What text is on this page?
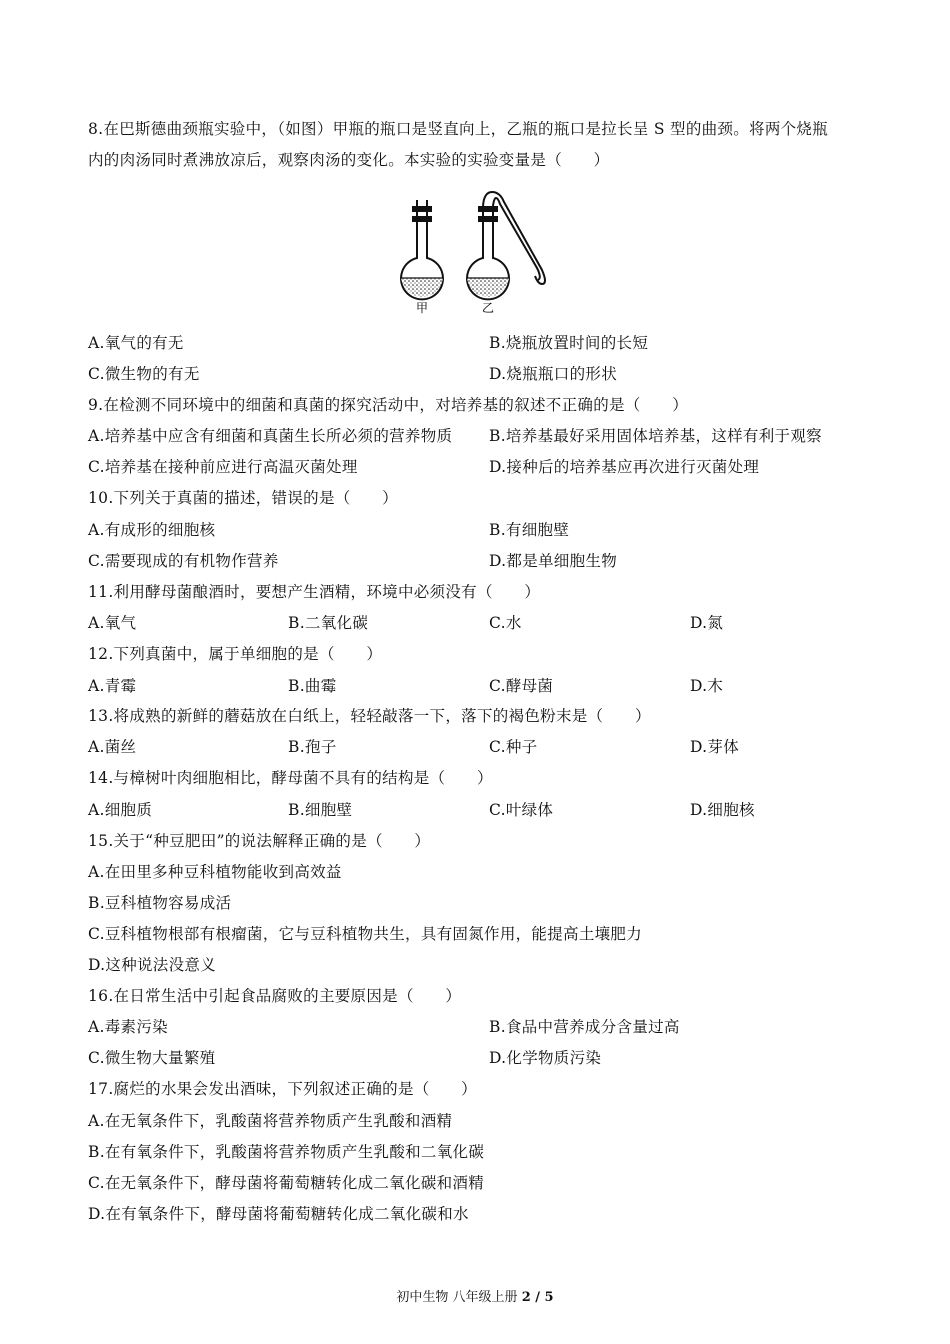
8.在巴斯德曲颈瓶实验中，（如图）甲瓶的瓶口是竖直向上，乙瓶的瓶口是拉长呈 S 型的曲颈。将两个烧瓶
内的肉汤同时煮沸放凉后，观察肉汤的变化。本实验的实验变量是（　　）
甲	乙
A.氧气的有无	B.烧瓶放置时间的长短
C.微生物的有无	D.烧瓶瓶口的形状
9.在检测不同环境中的细菌和真菌的探究活动中，对培养基的叙述不正确的是（　　）
A.培养基中应含有细菌和真菌生长所必须的营养物质 B.培养基最好采用固体培养基，这样有利于观察
C.培养基在接种前应进行高温灭菌处理	D.接种后的培养基应再次进行灭菌处理
10.下列关于真菌的描述，错误的是（　　）
A.有成形的细胞核	B.有细胞壁
C.需要现成的有机物作营养	D.都是单细胞生物
11.利用酵母菌酿酒时，要想产生酒精，环境中必须没有（　　）
A.氧气	B.二氧化碳	C.水	D.氮
12.下列真菌中，属于单细胞的是（　　）
A.青霉	B.曲霉	C.酵母菌	D.木
13.将成熟的新鲜的蘑菇放在白纸上，轻轻敲落一下，落下的褐色粉末是（　　）
A.菌丝	B.孢子	C.种子	D.芽体
14.与樟树叶肉细胞相比，酵母菌不具有的结构是（　　）
A.细胞质	B.细胞壁	C.叶绿体	D.细胞核
15.关于“种豆肥田”的说法解释正确的是（　　）
A.在田里多种豆科植物能收到高效益
B.豆科植物容易成活
C.豆科植物根部有根瘤菌，它与豆科植物共生，具有固氮作用，能提高土壤肥力
D.这种说法没意义
16.在日常生活中引起食品腐败的主要原因是（　　）
A.毒素污染	B.食品中营养成分含量过高
C.微生物大量繁殖	D.化学物质污染
17.腐烂的水果会发出酒味，下列叙述正确的是（　　）
A.在无氧条件下，乳酸菌将营养物质产生乳酸和酒精
B.在有氧条件下，乳酸菌将营养物质产生乳酸和二氧化碳
C.在无氧条件下，酵母菌将葡萄糖转化成二氧化碳和酒精
D.在有氧条件下，酵母菌将葡萄糖转化成二氧化碳和水
初中生物 八年级上册 2 / 5
